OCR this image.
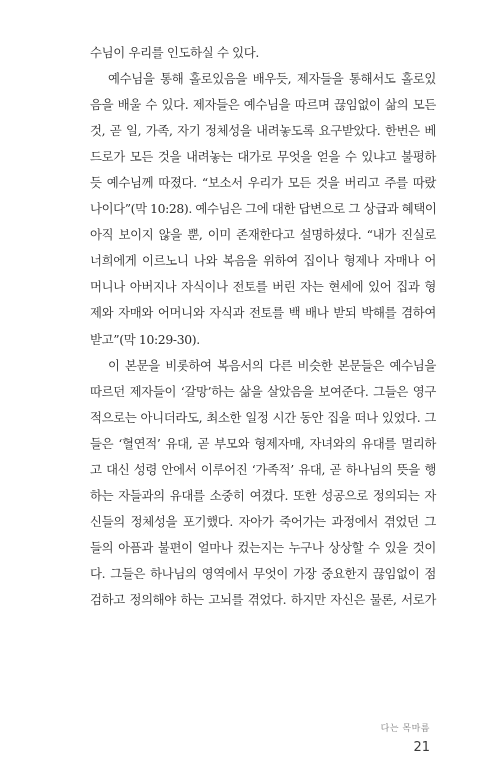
수님이 우리를 인도하실 수 있다.
예수님을 통해 홀로있음을 배우듯, 제자들을 통해서도 홀로있
음을 배울 수 있다. 제자들은 예수님을 따르며 끊임없이 삶의 모든
것, 곧 일, 가족, 자기 정체성을 내려놓도록 요구받았다. 한번은 베
드로가 모든 것을 내려놓는 대가로 무엇을 얻을 수 있냐고 불평하
듯 예수님께 따졌다. “보소서 우리가 모든 것을 버리고 주를 따랐
나이다”(막 10:28). 예수님은 그에 대한 답변으로 그 상급과 혜택이
아직 보이지 않을 뿐, 이미 존재한다고 설명하셨다. “내가 진실로
너희에게 이르노니 나와 복음을 위하여 집이나 형제나 자매나 어
머니나 아버지나 자식이나 전토를 버린 자는 현세에 있어 집과 형
제와 자매와 어머니와 자식과 전토를 백 배나 받되 박해를 겸하여
받고”(막 10:29-30).
이 본문을 비롯하여 복음서의 다른 비슷한 본문들은 예수님을
따르던 제자들이 ‘갈망’하는 삶을 살았음을 보여준다. 그들은 영구
적으로는 아니더라도, 최소한 일정 시간 동안 집을 떠나 있었다. 그
들은 ‘혈연적’ 유대, 곧 부모와 형제자매, 자녀와의 유대를 멀리하
고 대신 성령 안에서 이루어진 ‘가족적’ 유대, 곧 하나님의 뜻을 행
하는 자들과의 유대를 소중히 여겼다. 또한 성공으로 정의되는 자
신들의 정체성을 포기했다. 자아가 죽어가는 과정에서 겪었던 그
들의 아픔과 불편이 얼마나 컸는지는 누구나 상상할 수 있을 것이
다. 그들은 하나님의 영역에서 무엇이 가장 중요한지 끊임없이 점
검하고 정의해야 하는 고뇌를 겪었다. 하지만 자신은 물론, 서로가
다는 목마름
21
